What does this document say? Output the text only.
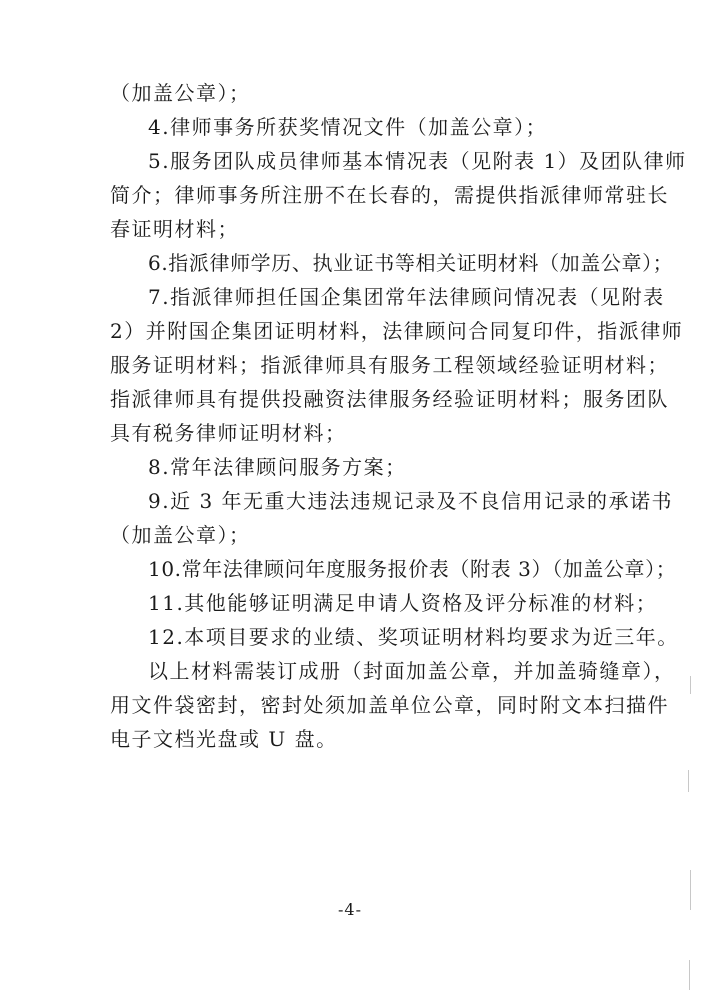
（加盖公章）；
4.律师事务所获奖情况文件（加盖公章）；
5.服务团队成员律师基本情况表（见附表 1）及团队律师
简介；律师事务所注册不在长春的，需提供指派律师常驻长
春证明材料；
6.指派律师学历、执业证书等相关证明材料（加盖公章）；
7.指派律师担任国企集团常年法律顾问情况表（见附表
2）并附国企集团证明材料，法律顾问合同复印件，指派律师
服务证明材料；指派律师具有服务工程领域经验证明材料；
指派律师具有提供投融资法律服务经验证明材料；服务团队
具有税务律师证明材料；
8.常年法律顾问服务方案；
9.近 3 年无重大违法违规记录及不良信用记录的承诺书
（加盖公章）；
10.常年法律顾问年度服务报价表（附表 3）（加盖公章）；
11.其他能够证明满足申请人资格及评分标准的材料；
12.本项目要求的业绩、奖项证明材料均要求为近三年。
以上材料需装订成册（封面加盖公章，并加盖骑缝章），
用文件袋密封，密封处须加盖单位公章，同时附文本扫描件
电子文档光盘或 U 盘。
-4-
